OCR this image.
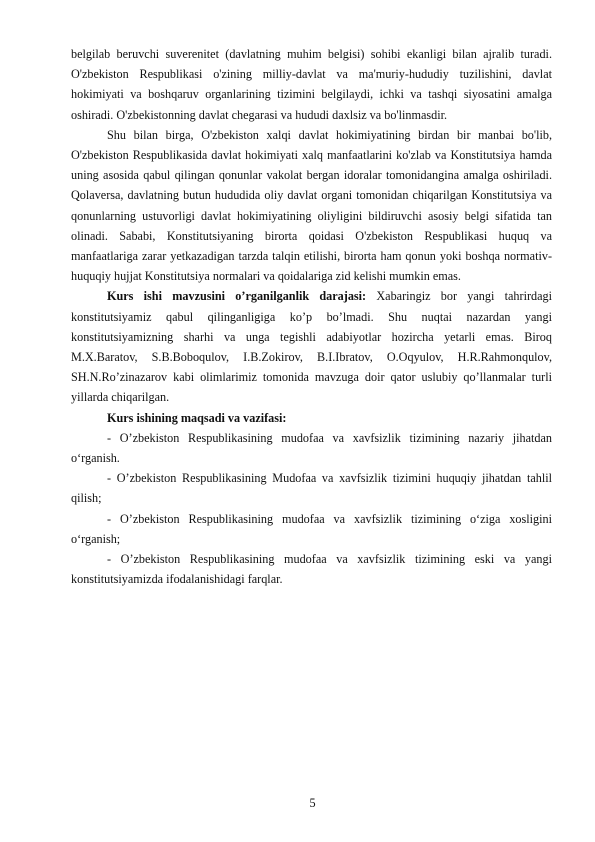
belgilab beruvchi suverenitet (davlatning muhim belgisi) sohibi ekanligi bilan ajralib turadi. O'zbekiston Respublikasi o'zining milliy-davlat va ma'muriy-hududiy tuzilishini, davlat hokimiyati va boshqaruv organlarining tizimini belgilaydi, ichki va tashqi siyosatini amalga oshiradi. O'zbekistonning davlat chegarasi va hududi daxlsiz va bo'linmasdir.

Shu bilan birga, O'zbekiston xalqi davlat hokimiyatining birdan bir manbai bo'lib, O'zbekiston Respublikasida davlat hokimiyati xalq manfaatlarini ko'zlab va Konstitutsiya hamda uning asosida qabul qilingan qonunlar vakolat bergan idoralar tomonidangina amalga oshiriladi. Qolaversa, davlatning butun hududida oliy davlat organi tomonidan chiqarilgan Konstitutsiya va qonunlarning ustuvorligi davlat hokimiyatining oliyligini bildiruvchi asosiy belgi sifatida tan olinadi. Sababi, Konstitutsiyaning birorta qoidasi O'zbekiston Respublikasi huquq va manfaatlariga zarar yetkazadigan tarzda talqin etilishi, birorta ham qonun yoki boshqa normativ-huquqiy hujjat Konstitutsiya normalari va qoidalariga zid kelishi mumkin emas.

Kurs ishi mavzusini o’rganilganlik darajasi: Xabaringiz bor yangi tahrirdagi konstitutsiyamiz qabul qilinganligiga ko’p bo’lmadi. Shu nuqtai nazardan yangi konstitutsiyamizning sharhi va unga tegishli adabiyotlar hozircha yetarli emas. Biroq M.X.Baratov, S.B.Boboqulov, I.B.Zokirov, B.I.Ibratov, O.Oqyulov, H.R.Rahmonqulov, SH.N.Ro’zinazarov kabi olimlarimiz tomonida mavzuga doir qator uslubiy qo’llanmalar turli yillarda chiqarilgan.

Kurs ishining maqsadi va vazifasi:

- O’zbekiston Respublikasining mudofaa va xavfsizlik tizimining nazariy jihatdan o‘rganish.

- O’zbekiston Respublikasining Mudofaa va xavfsizlik tizimini huquqiy jihatdan tahlil qilish;

- O’zbekiston Respublikasining mudofaa va xavfsizlik tizimining o‘ziga xosligini o‘rganish;

- O’zbekiston Respublikasining mudofaa va xavfsizlik tizimining eski va yangi konstitutsiyamizda ifodalanishidagi farqlar.

5
